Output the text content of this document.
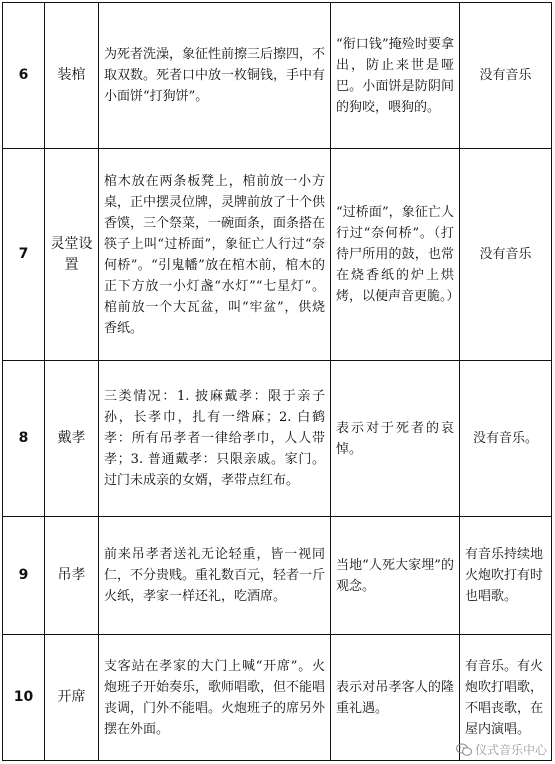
6	装棺	为死者洗澡，象征性前擦三后擦四，不取双数。死者口中放一枚铜钱，手中有小面饼“打狗饼”。	“衔口钱”掩殓时要拿出，防止来世是哑巴。小面饼是防阴间的狗咬，喂狗的。	没有音乐
7	灵堂设置	棺木放在两条板凳上，棺前放一小方桌，正中摆灵位牌，灵牌前放了十个供香馍，三个祭菜，一碗面条，面条搭在筷子上叫“过桥面”，象征亡人行过“奈何桥”。“引鬼幡”放在棺木前，棺木的正下方放一小灯盏“水灯”“七星灯”。棺前放一个大瓦盆，叫“牢盆”，供烧香纸。	“过桥面”，象征亡人行过“奈何桥”。（打待尸所用的鼓，也常在烧香纸的炉上烘烤，以便声音更脆。）	没有音乐
8	戴孝	三类情况：1. 披麻戴孝：限于亲子孙，长孝巾，扎有一绺麻；2. 白鹤孝：所有吊孝者一律给孝巾，人人带孝；3. 普通戴孝：只限亲戚。家门。过门未成亲的女婿，孝带点红布。	表示对于死者的哀悼。	没有音乐。
9	吊孝	前来吊孝者送礼无论轻重，皆一视同仁，不分贵贱。重礼数百元，轻者一斤火纸，孝家一样还礼，吃酒席。	当地“人死大家埋”的观念。	有音乐持续地火炮吹打有时也唱歌。
10	开席	支客站在孝家的大门上喊“开席”。火炮班子开始奏乐，歌师唱歌，但不能唱丧调，门外不能唱。火炮班子的席另外摆在外面。	表示对吊孝客人的隆重礼遇。	有音乐。有火炮吹打唱歌，不唱丧歌，在屋内演唱。
仪式音乐中心
